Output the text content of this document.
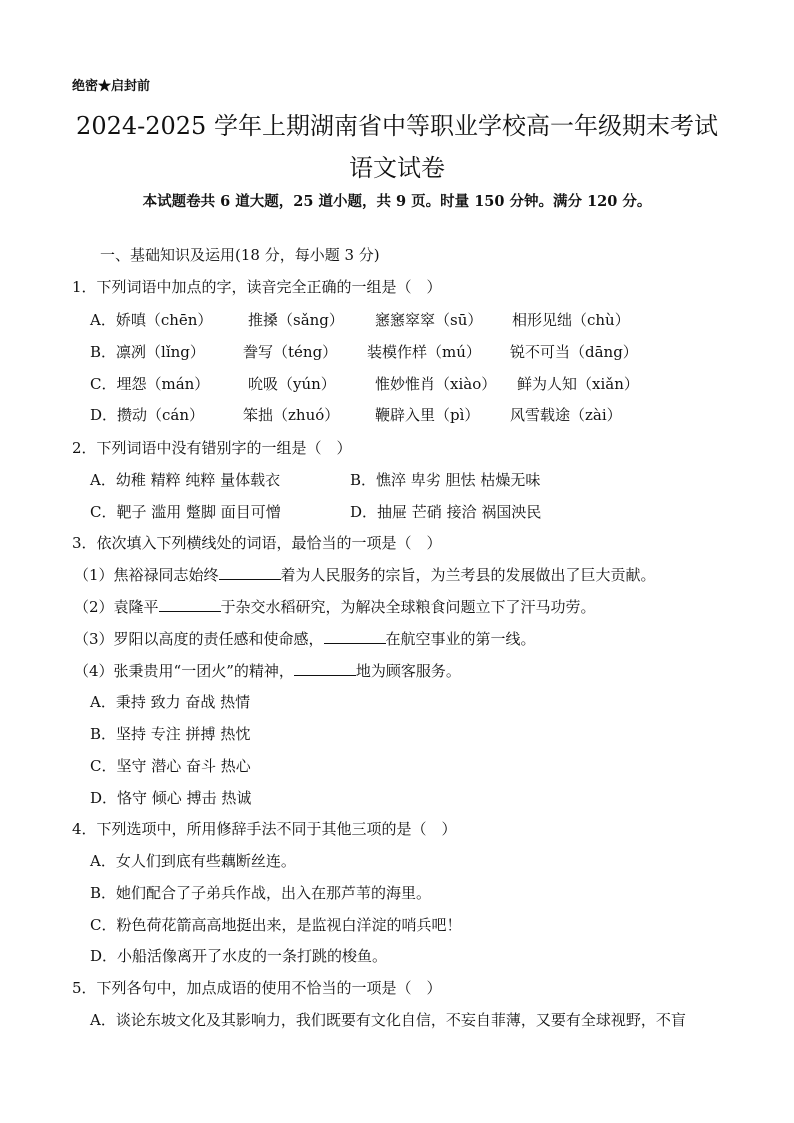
绝密★启封前
2024-2025 学年上期湖南省中等职业学校高一年级期末考试
语文试卷
本试题卷共 6 道大题，25 道小题，共 9 页。时量 150 分钟。满分 120 分。
一、基础知识及运用(18 分，每小题 3 分)
1．下列词语中加点的字，读音完全正确的一组是（　）
A．娇嗔（chēn） 推搡（sǎng） 窸窸窣窣（sū） 相形见绌（chù）
B．凛冽（lǐng）	誊写（téng） 装模作样（mú） 锐不可当（dāng）
C．埋怨（mán）	吮吸（yún）	惟妙惟肖（xiào） 鲜为人知（xiǎn）
D．攒动（cán）	笨拙（zhuó） 鞭辟入里（pì） 风雪载途（zài）
2．下列词语中没有错别字的一组是（　）
A．幼稚 精粹 纯粹 量体载衣	B．憔淬 卑劣 胆怯 枯燥无味
C．靶子 滥用 蹩脚 面目可憎	D．抽屉 芒硝 接洽 祸国泱民
3．依次填入下列横线处的词语，最恰当的一项是（　）
（1）焦裕禄同志始终	着为人民服务的宗旨，为兰考县的发展做出了巨大贡献。
（2）袁隆平	于杂交水稻研究，为解决全球粮食问题立下了汗马功劳。
（3）罗阳以高度的责任感和使命感，	在航空事业的第一线。
（4）张秉贵用“一团火”的精神，	地为顾客服务。
A．秉持 致力 奋战 热情
B．坚持 专注 拼搏 热忱
C．坚守 潜心 奋斗 热心
D．恪守 倾心 搏击 热诚
4．下列选项中，所用修辞手法不同于其他三项的是（　）
A．女人们到底有些藕断丝连。
B．她们配合了子弟兵作战，出入在那芦苇的海里。
C．粉色荷花箭高高地挺出来，是监视白洋淀的哨兵吧！
D．小船活像离开了水皮的一条打跳的梭鱼。
5．下列各句中，加点成语的使用不恰当的一项是（　）
A．谈论东坡文化及其影响力，我们既要有文化自信，不妄自菲薄，又要有全球视野，不盲
